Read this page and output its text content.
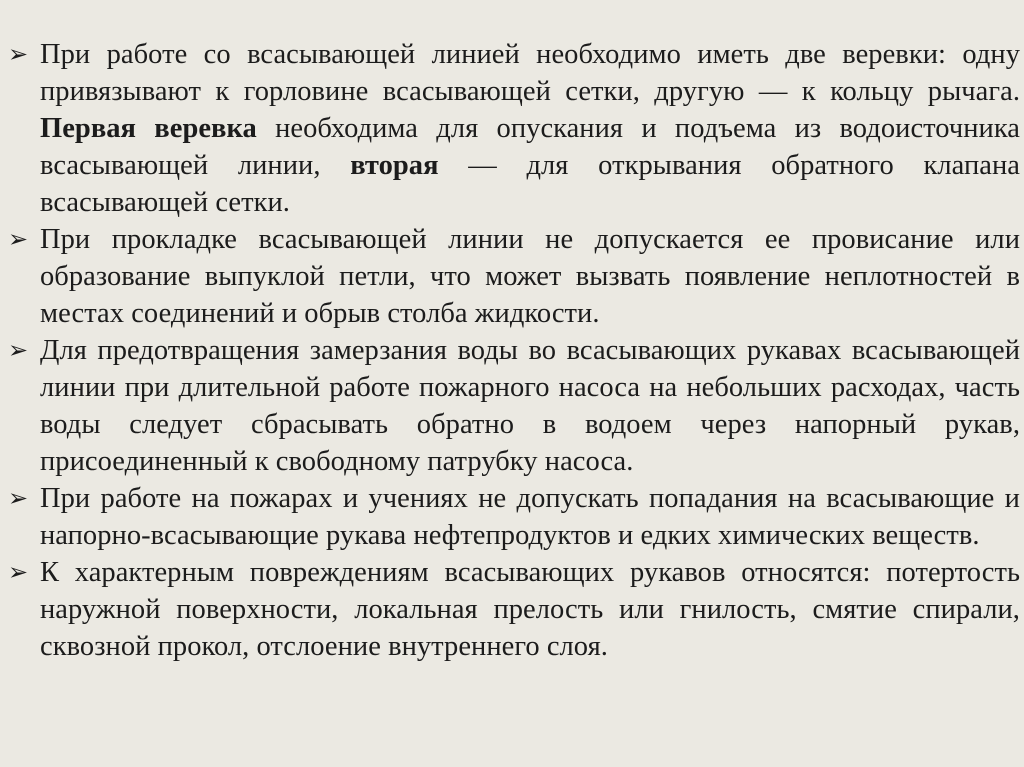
➢ При работе со всасывающей линией необходимо иметь две веревки: одну привязывают к горловине всасывающей сетки, другую — к кольцу рычага. Первая веревка необходима для опускания и подъема из водоисточника всасывающей линии, вторая — для открывания обратного клапана всасывающей сетки.
➢ При прокладке всасывающей линии не допускается ее провисание или образование выпуклой петли, что может вызвать появление неплотностей в местах соединений и обрыв столба жидкости.
➢ Для предотвращения замерзания воды во всасывающих рукавах всасывающей линии при длительной работе пожарного насоса на небольших расходах, часть воды следует сбрасывать обратно в водоем через напорный рукав, присоединенный к свободному патрубку насоса.
➢ При работе на пожарах и учениях не допускать попадания на всасывающие и напорно-всасывающие рукава нефтепродуктов и едких химических веществ.
➢ К характерным повреждениям всасывающих рукавов относятся: потертость наружной поверхности, локальная прелость или гнилость, смятие спирали, сквозной прокол, отслоение внутреннего слоя.
